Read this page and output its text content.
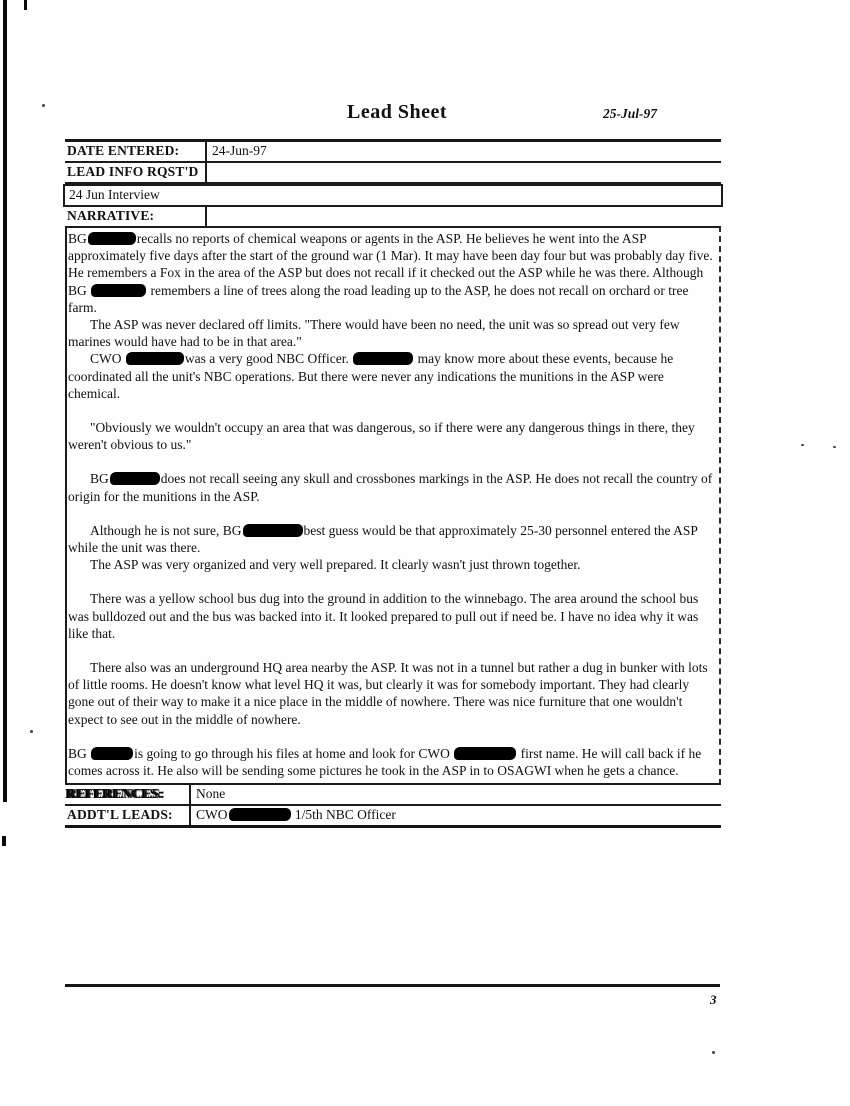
Lead Sheet	25-Jul-97
DATE ENTERED:	24-Jun-97
LEAD INFO RQST'D
24 Jun Interview
NARRATIVE:

BG	recalls no reports of chemical weapons or agents in the ASP. He believes he went into the ASP approximately five days after the start of the ground war (1 Mar). It may have been day four but was probably day five. He remembers a Fox in the area of the ASP but does not recall if it checked out the ASP while he was there. Although BG	remembers a line of trees along the road leading up to the ASP, he does not recall on orchard or tree farm.

The ASP was never declared off limits. "There would have been no need, the unit was so spread out very few marines would have had to be in that area."

CWO	was a very good NBC Officer.	may know more about these events, because he coordinated all the unit's NBC operations. But there were never any indications the munitions in the ASP were chemical.

"Obviously we wouldn't occupy an area that was dangerous, so if there were any dangerous things in there, they weren't obvious to us."

BG	does not recall seeing any skull and crossbones markings in the ASP. He does not recall the country of origin for the munitions in the ASP.

Although he is not sure, BG	best guess would be that approximately 25-30 personnel entered the ASP while the unit was there.

The ASP was very organized and very well prepared. It clearly wasn't just thrown together.

There was a yellow school bus dug into the ground in addition to the winnebago. The area around the school bus was bulldozed out and the bus was backed into it. It looked prepared to pull out if need be. I have no idea why it was like that.

There also was an underground HQ area nearby the ASP. It was not in a tunnel but rather a dug in bunker with lots of little rooms. He doesn't know what level HQ it was, but clearly it was for somebody important. They had clearly gone out of their way to make it a nice place in the middle of nowhere. There was nice furniture that one wouldn't expect to see out in the middle of nowhere.

BG	is going to go through his files at home and look for CWO	first name. He will call back if he comes across it. He also will be sending some pictures he took in the ASP in to OSAGWI when he gets a chance.

REFERENCES:	None
ADDT'L LEADS:	CWO	1/5th NBC Officer
3
